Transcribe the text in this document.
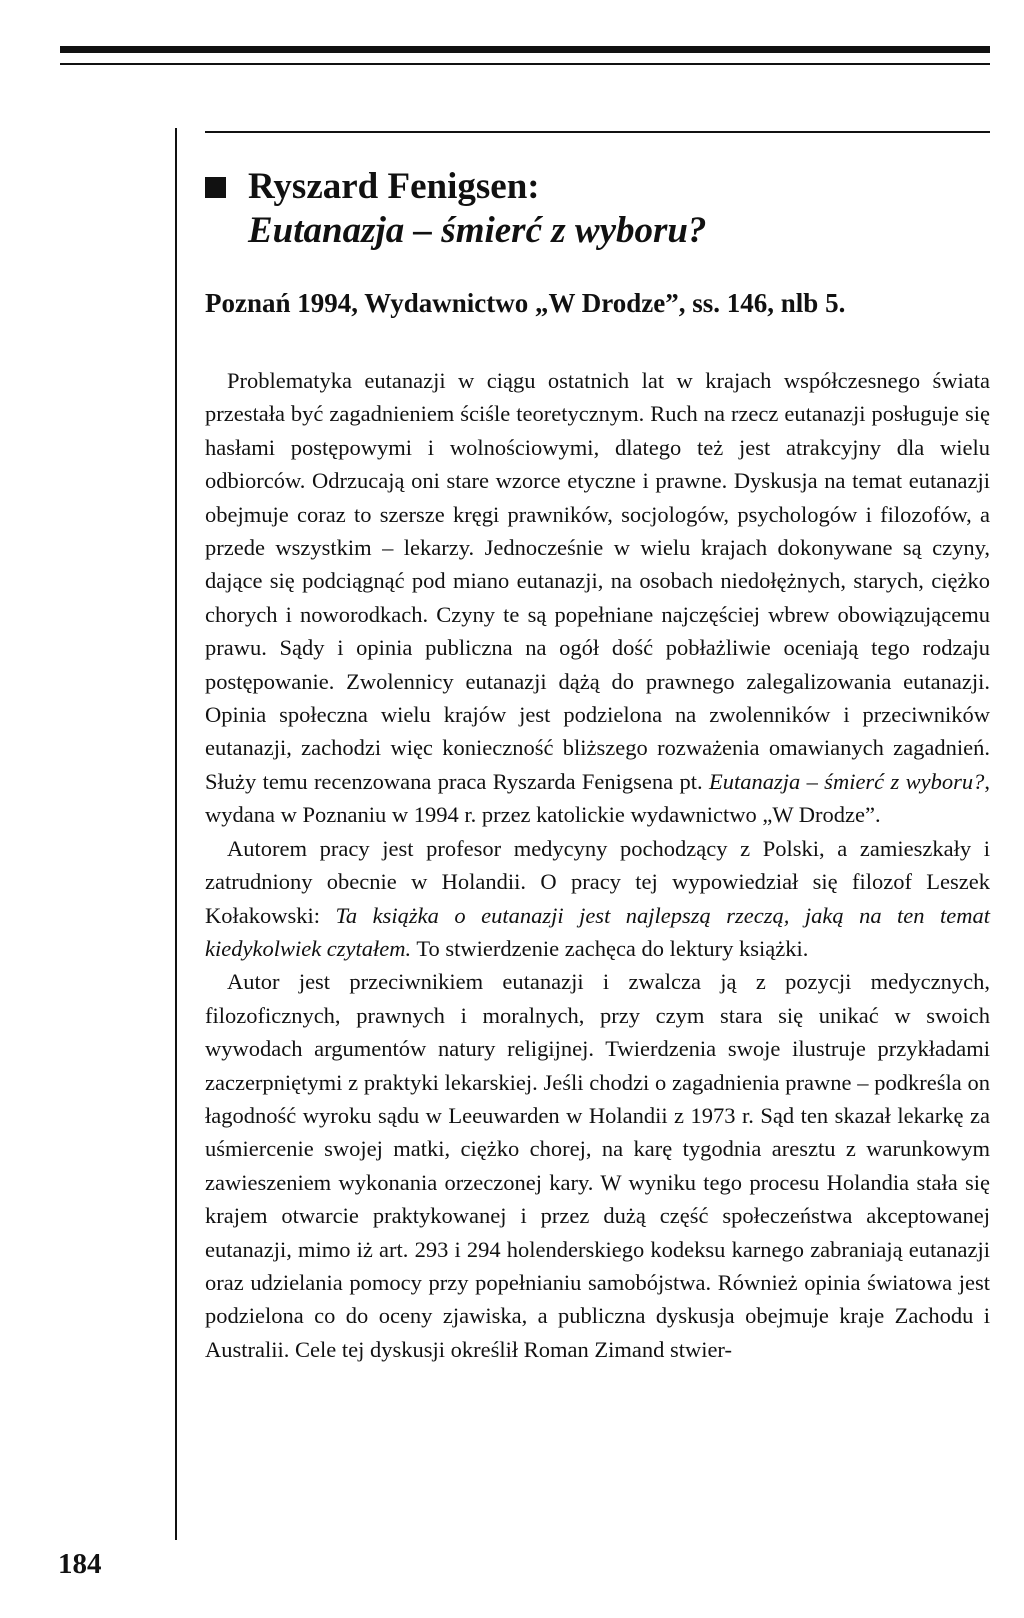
Ryszard Fenigsen:
Eutanazja – śmierć z wyboru?
Poznań 1994, Wydawnictwo „W Drodze”, ss. 146, nlb 5.

Problematyka eutanazji w ciągu ostatnich lat w krajach współczesnego świata przestała być zagadnieniem ściśle teoretycznym. Ruch na rzecz eutanazji posługuje się hasłami postępowymi i wolnościowymi, dlatego też jest atrakcyjny dla wielu odbiorców. Odrzucają oni stare wzorce etyczne i prawne. Dyskusja na temat eutanazji obejmuje coraz to szersze kręgi prawników, socjologów, psychologów i filozofów, a przede wszystkim – lekarzy. Jednocześnie w wielu krajach dokonywane są czyny, dające się podciągnąć pod miano eutanazji, na osobach niedołężnych, starych, ciężko chorych i noworodkach. Czyny te są popełniane najczęściej wbrew obowiązującemu prawu. Sądy i opinia publiczna na ogół dość pobłażliwie oceniają tego rodzaju postępowanie. Zwolennicy eutanazji dążą do prawnego zalegalizowania eutanazji. Opinia społeczna wielu krajów jest podzielona na zwolenników i przeciwników eutanazji, zachodzi więc konieczność bliższego rozważenia omawianych zagadnień. Służy temu recenzowana praca Ryszarda Fenigsena pt. Eutanazja – śmierć z wyboru?, wydana w Poznaniu w 1994 r. przez katolickie wydawnictwo „W Drodze”.

Autorem pracy jest profesor medycyny pochodzący z Polski, a zamieszkały i zatrudniony obecnie w Holandii. O pracy tej wypowiedział się filozof Leszek Kołakowski: Ta książka o eutanazji jest najlepszą rzeczą, jaką na ten temat kiedykolwiek czytałem. To stwierdzenie zachęca do lektury książki.

Autor jest przeciwnikiem eutanazji i zwalcza ją z pozycji medycznych, filozoficznych, prawnych i moralnych, przy czym stara się unikać w swoich wywodach argumentów natury religijnej. Twierdzenia swoje ilustruje przykładami zaczerpniętymi z praktyki lekarskiej. Jeśli chodzi o zagadnienia prawne – podkreśla on łagodność wyroku sądu w Leeuwarden w Holandii z 1973 r. Sąd ten skazał lekarkę za uśmiercenie swojej matki, ciężko chorej, na karę tygodnia aresztu z warunkowym zawieszeniem wykonania orzeczonej kary. W wyniku tego procesu Holandia stała się krajem otwarcie praktykowanej i przez dużą część społeczeństwa akceptowanej eutanazji, mimo iż art. 293 i 294 holenderskiego kodeksu karnego zabraniają eutanazji oraz udzielania pomocy przy popełnianiu samobójstwa. Również opinia światowa jest podzielona co do oceny zjawiska, a publiczna dyskusja obejmuje kraje Zachodu i Australii. Cele tej dyskusji określił Roman Zimand stwier-

184
